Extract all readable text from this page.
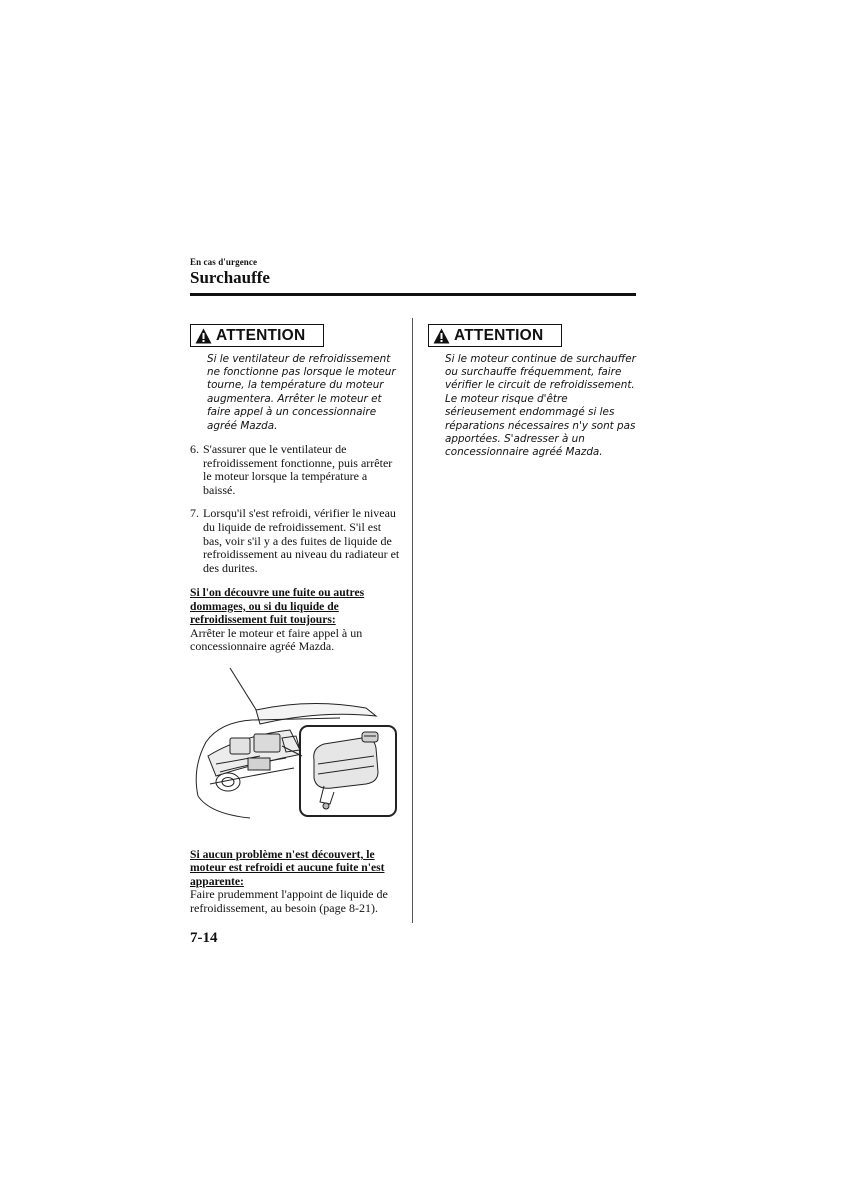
En cas d'urgence
Surchauffe
ATTENTION
Si le ventilateur de refroidissement ne fonctionne pas lorsque le moteur tourne, la température du moteur augmentera. Arrêter le moteur et faire appel à un concessionnaire agréé Mazda.
6. S'assurer que le ventilateur de refroidissement fonctionne, puis arrêter le moteur lorsque la température a baissé.
7. Lorsqu'il s'est refroidi, vérifier le niveau du liquide de refroidissement. S'il est bas, voir s'il y a des fuites de liquide de refroidissement au niveau du radiateur et des durites.
Si l'on découvre une fuite ou autres dommages, ou si du liquide de refroidissement fuit toujours:
Arrêter le moteur et faire appel à un concessionnaire agréé Mazda.
Si aucun problème n'est découvert, le moteur est refroidi et aucune fuite n'est apparente:
Faire prudemment l'appoint de liquide de refroidissement, au besoin (page 8-21).
ATTENTION
Si le moteur continue de surchauffer ou surchauffe fréquemment, faire vérifier le circuit de refroidissement. Le moteur risque d'être sérieusement endommagé si les réparations nécessaires n'y sont pas apportées. S'adresser à un concessionnaire agréé Mazda.
7-14
